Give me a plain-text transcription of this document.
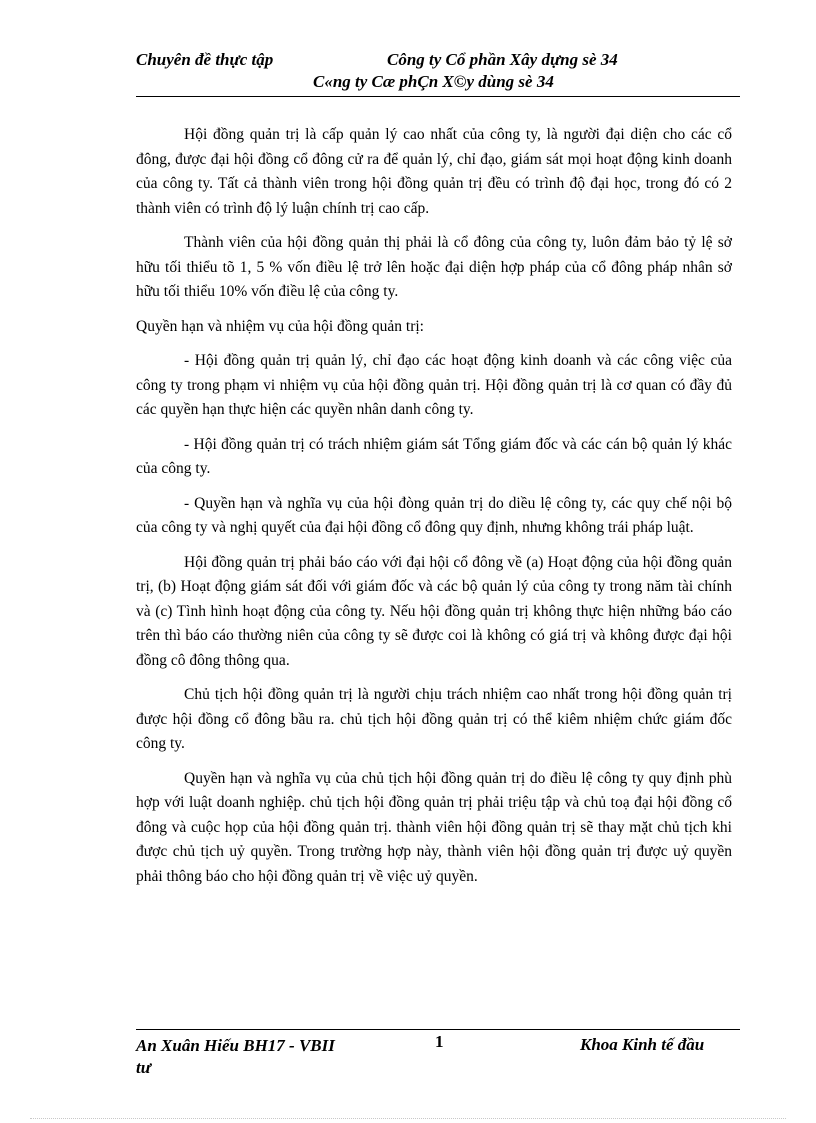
Chuyên đề thực tập	Công ty Cổ phần Xây dựng sè 34
C«ng ty Cæ phÇn X©y dùng sè 34

Hội đồng quản trị là cấp quản lý cao nhất của công ty, là người đại diện cho các cổ đông, được đại hội đồng cổ đông cử ra để quản lý, chỉ đạo, giám sát mọi hoạt động kinh doanh của công ty. Tất cả thành viên trong hội đồng quản trị đều có trình độ đại học, trong đó có 2 thành viên có trình độ lý luận chính trị cao cấp.

Thành viên của hội đồng quản thị phải là cổ đông của công ty, luôn đảm bảo tỷ lệ sở hữu tối thiểu tõ 1, 5 % vốn điều lệ trở lên hoặc đại diện hợp pháp của cổ đông pháp nhân sở hữu tối thiểu 10% vốn điều lệ của công ty.

Quyền hạn và nhiệm vụ của hội đồng quản trị:

- Hội đồng quản trị quản lý, chỉ đạo các hoạt động kinh doanh và các công việc của công ty trong phạm vi nhiệm vụ của hội đồng quản trị. Hội đồng quản trị là cơ quan có đầy đủ các quyền hạn thực hiện các quyền nhân danh công ty.

- Hội đồng quản trị có trách nhiệm giám sát Tổng giám đốc và các cán bộ quản lý khác của công ty.

- Quyền hạn và nghĩa vụ của hội đòng quản trị do diều lệ công ty, các quy chế nội bộ của công ty và nghị quyết của đại hội đồng cổ đông quy định, nhưng không trái pháp luật.

Hội đồng quản trị phải báo cáo với đại hội cổ đông về (a) Hoạt động của hội đồng quản trị, (b) Hoạt động giám sát đối với giám đốc và các bộ quản lý của công ty trong năm tài chính và (c) Tình hình hoạt động của công ty. Nếu hội đồng quản trị không thực hiện những báo cáo trên thì báo cáo thường niên của công ty sẽ được coi là không có giá trị và không được đại hội đồng cô đông thông qua.

Chủ tịch hội đồng quản trị là người chịu trách nhiệm cao nhất trong hội đồng quản trị được hội đồng cổ đông bầu ra. chủ tịch hội đồng quản trị có thể kiêm nhiệm chức giám đốc công ty.

Quyền hạn và nghĩa vụ của chủ tịch hội đồng quản trị do điều lệ công ty quy định phù hợp với luật doanh nghiệp. chủ tịch hội đồng quản trị phải triệu tập và chủ toạ đại hội đồng cổ đông và cuộc họp của hội đồng quản trị. thành viên hội đồng quản trị sẽ thay mặt chủ tịch khi được chủ tịch uỷ quyền. Trong trường hợp này, thành viên hội đồng quản trị được uỷ quyền phải thông báo cho hội đồng quản trị về việc uỷ quyền.

An Xuân Hiếu BH17 - VBII
tư
1	Khoa Kinh tế đầu
